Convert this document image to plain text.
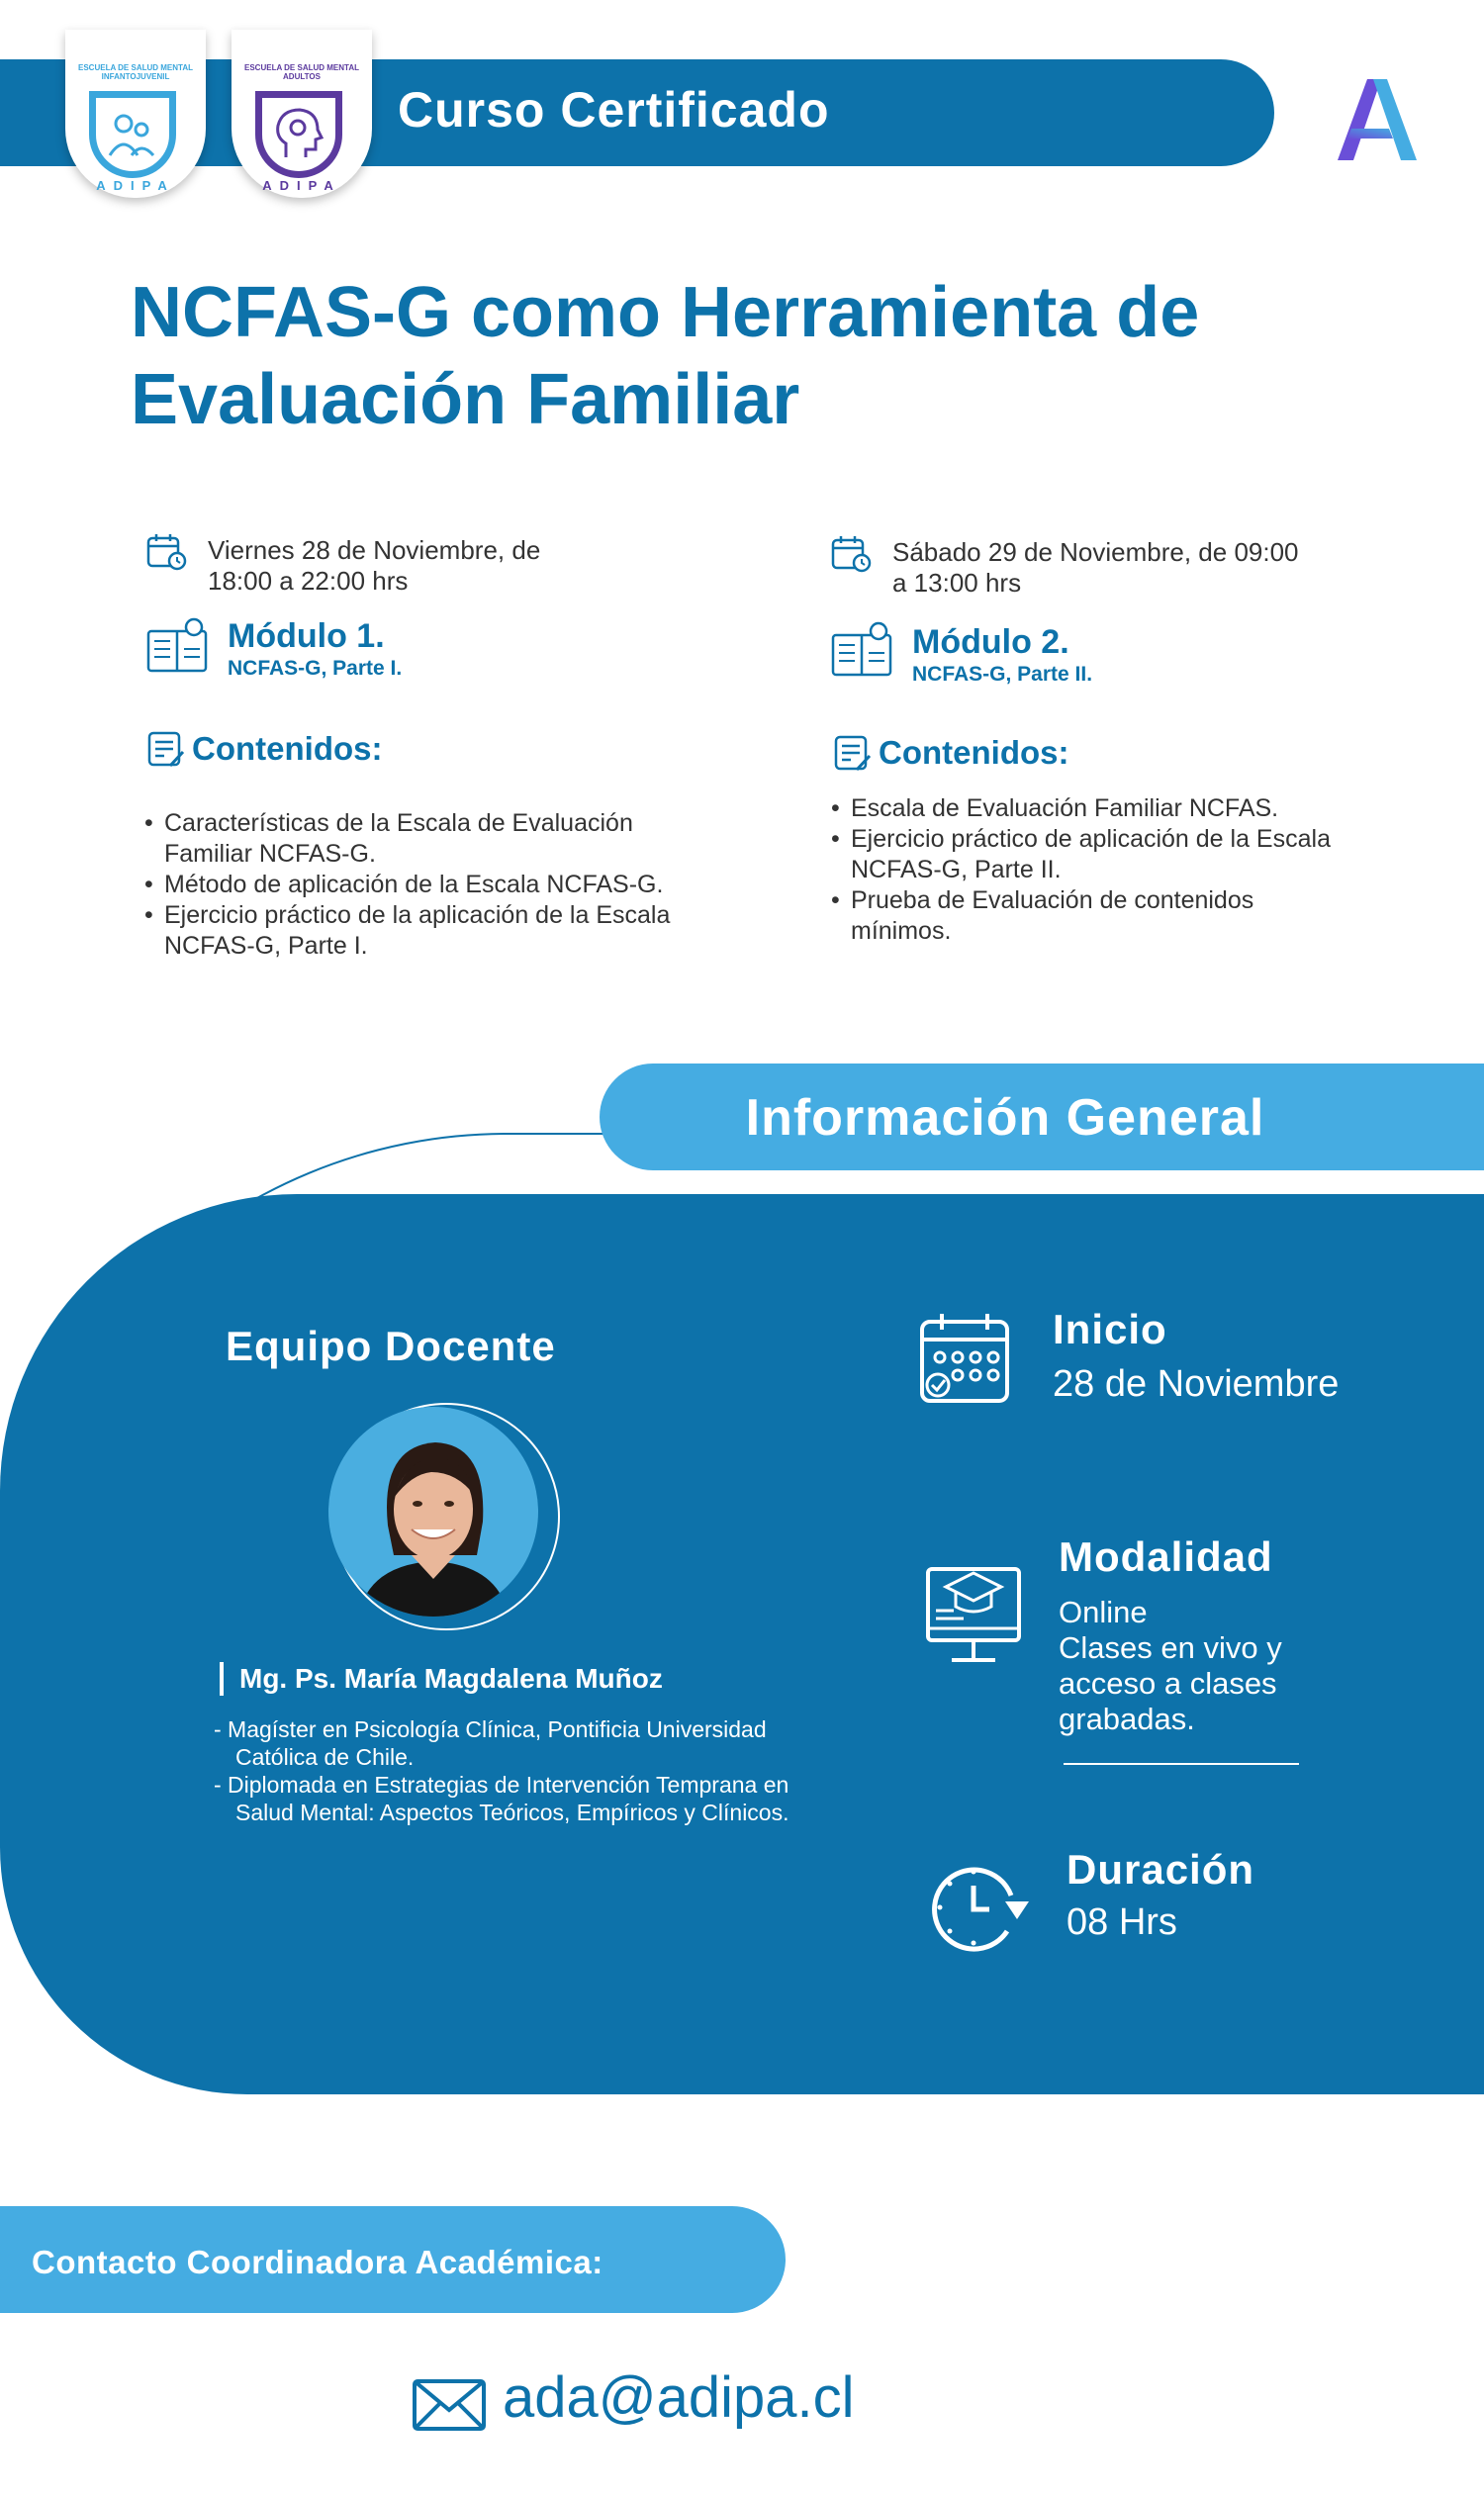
Curso Certificado
ESCUELA DE SALUD MENTAL INFANTOJUVENIL
ADIPA
ESCUELA DE SALUD MENTAL ADULTOS
ADIPA
NCFAS-G como Herramienta de Evaluación Familiar
Viernes 28 de Noviembre, de 18:00 a 22:00 hrs
Módulo 1.
NCFAS-G, Parte I.
Contenidos:
• Características de la Escala de Evaluación Familiar NCFAS-G.
• Método de aplicación de la Escala NCFAS-G.
• Ejercicio práctico de la aplicación de la Escala NCFAS-G, Parte I.
Sábado 29 de Noviembre, de 09:00 a 13:00 hrs
Módulo 2.
NCFAS-G, Parte II.
Contenidos:
• Escala de Evaluación Familiar NCFAS.
• Ejercicio práctico de aplicación de la Escala NCFAS-G, Parte II.
• Prueba de Evaluación de contenidos mínimos.
Información General
Equipo Docente
Mg. Ps. María Magdalena Muñoz
- Magíster en Psicología Clínica, Pontificia Universidad Católica de Chile.
- Diplomada en Estrategias de Intervención Temprana en Salud Mental: Aspectos Teóricos, Empíricos y Clínicos.
Inicio
28 de Noviembre
Modalidad
Online
Clases en vivo y acceso a clases grabadas.
Duración
08 Hrs
Contacto Coordinadora Académica:
ada@adipa.cl
